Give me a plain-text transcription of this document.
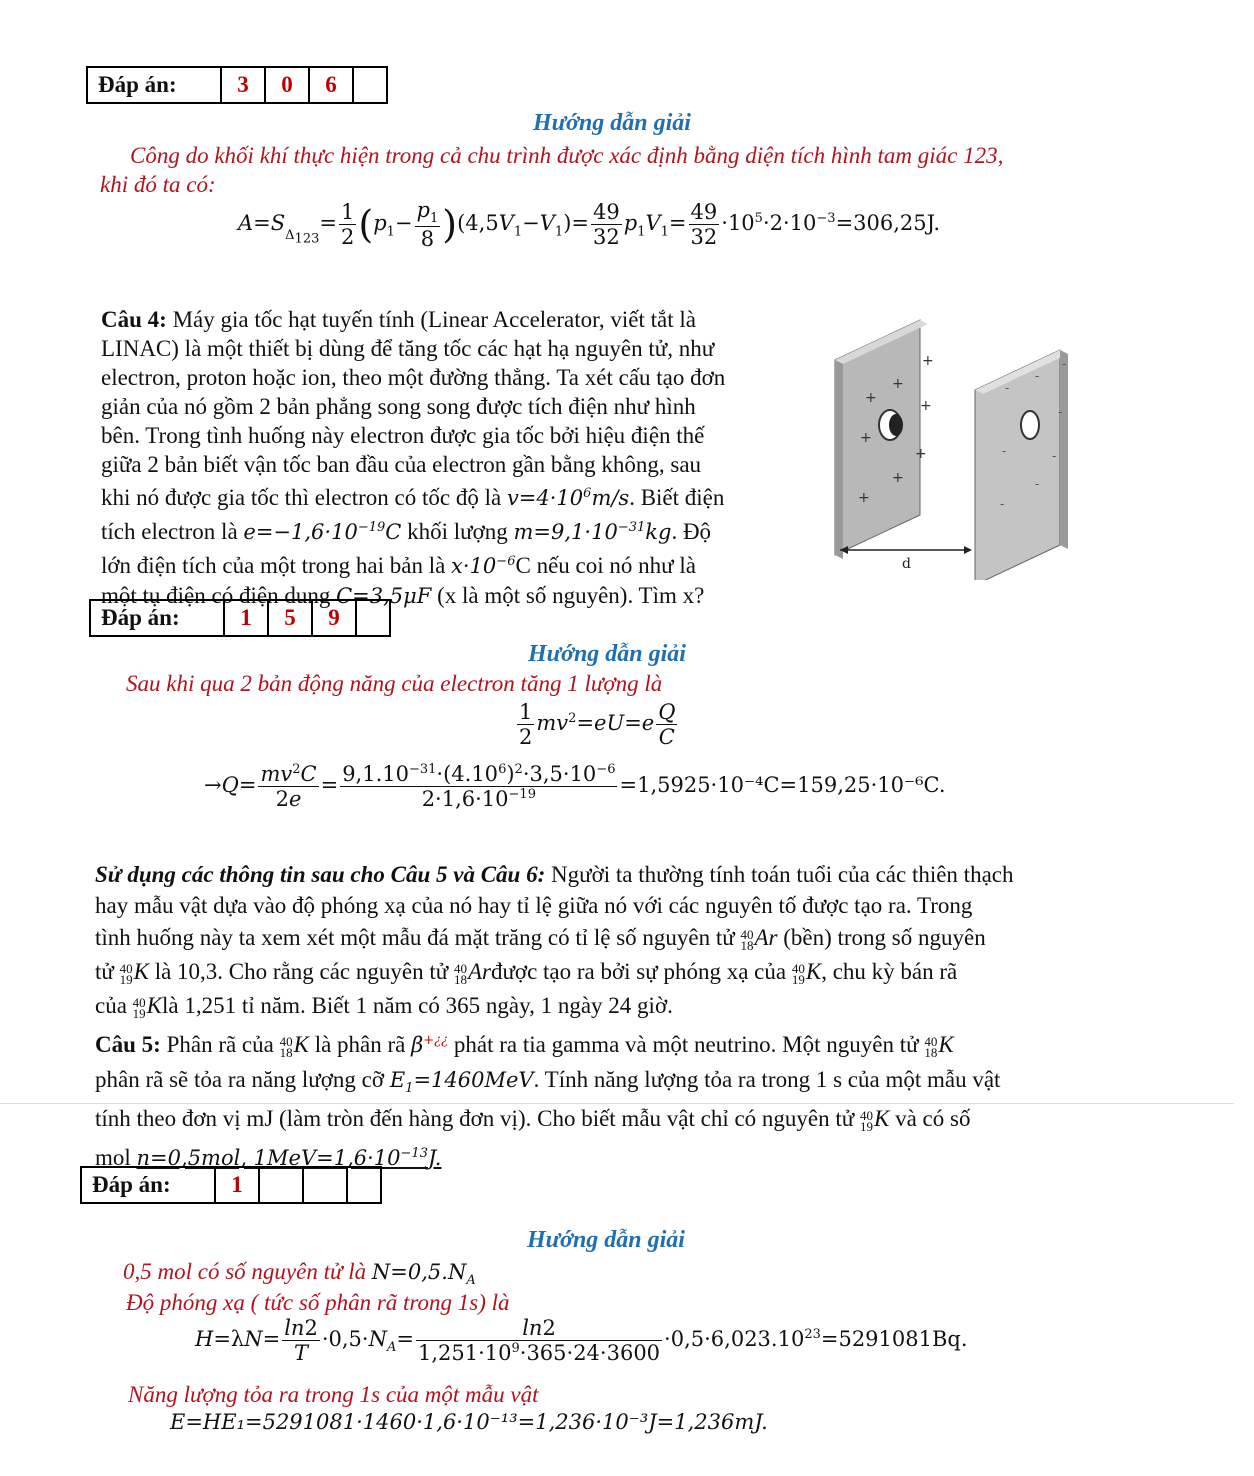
Đáp án:	3	0	6	
Hướng dẫn giải
Công do khối khí thực hiện trong cả chu trình được xác định bằng diện tích hình tam giác 123,
khi đó ta có:
$A=S_{_{\Delta_{123}}}= \frac{1}{2} (p_1- \frac{p_1}{8} )(4,5V_1-V_1)= \frac{49}{32} p_1V_1= \frac{49}{32} \cdot 10^5\cdot 2\cdot 10^{-3}=306,25J$.
Câu 4: Máy gia tốc hạt tuyến tính (Linear Accelerator, viết tắt là
LINAC) là một thiết bị dùng để tăng tốc các hạt hạ nguyên tử, như
electron, proton hoặc ion, theo một đường thẳng. Ta xét cấu tạo đơn
giản của nó gồm 2 bản phẳng song song được tích điện như hình
bên. Trong tình huống này electron được gia tốc bởi hiệu điện thế
giữa 2 bản biết vận tốc ban đầu của electron gần bằng không, sau
khi nó được gia tốc thì electron có tốc độ là $v=4\cdot 10^6m/s$. Biết điện
tích electron là $e=-1,6\cdot 10^{-19}C$ khối lượng $m=9,1\cdot 10^{-31}kg$. Độ
lớn điện tích của một trong hai bản là $x\cdot 10^{-6}C$ nếu coi nó như là
một tụ điện có điện dung C=3,5μF (x là một số nguyên). Tìm x?
+
+
+
+
+
+
+
+
-
-
-
-
-
-
-
-
d
Đáp án:	1	5	9	
Hướng dẫn giải
Sau khi qua 2 bản động năng của electron tăng 1 lượng là
$\frac{1}{2} mv^2=eU=e \frac{Q}{C}$
$\to Q= \frac{mv^2C}{2e} = \frac{9,1.10^{-31}\cdot(4.10^6)^2\cdot 3,5\cdot 10^{-6}}{2\cdot 1,6\cdot 10^{-19}} =1,5925\cdot 10^{-4}C=159,25\cdot 10^{-6}C$.
Sử dụng các thông tin sau cho Câu 5 và Câu 6: Người ta thường tính toán tuổi của các thiên thạch
hay mẫu vật dựa vào độ phóng xạ của nó hay tỉ lệ giữa nó với các nguyên tố được tạo ra. Trong
tình huống này ta xem xét một mẫu đá mặt trăng có tỉ lệ số nguyên tử 40
18 Ar (bền) trong số nguyên
tử 40
19 K là 10,3. Cho rằng các nguyên tử 40
18 Arđược tạo ra bởi sự phóng xạ của 40
19 K, chu kỳ bán rã
của 40
19 Klà 1,251 tỉ năm. Biết 1 năm có 365 ngày, 1 ngày 24 giờ.
Câu 5: Phân rã của 40
18 K là phân rã β+¿¿ phát ra tia gamma và một neutrino. Một nguyên tử 40
18 K
phân rã sẽ tỏa ra năng lượng cỡ $E_1=1460MeV$. Tính năng lượng tỏa ra trong 1 s của một mẫu vật
tính theo đơn vị mJ (làm tròn đến hàng đơn vị). Cho biết mẫu vật chỉ có nguyên tử 40
19 K và có số
mol n=0,5mol, $1MeV=1,6\cdot 10^{-13}J$.
Đáp án:	1			
Hướng dẫn giải
0,5 mol có số nguyên tử là $N=0,5.N_A$
Độ phóng xạ ( tức số phân rã trong 1s) là
$H=\lambda N= \frac{\ln 2}{T} \cdot 0,5\cdot N_A= \frac{\ln 2}{1,251\cdot 10^9\cdot 365\cdot 24\cdot 3600} \cdot 0,5\cdot 6,023.10^{23}=5291081Bq$.
Năng lượng tỏa ra trong 1s của một mẫu vật
E=HE₁=5291081·1460·1,6·10⁻¹³=1,236·10⁻³J=1,236mJ.
